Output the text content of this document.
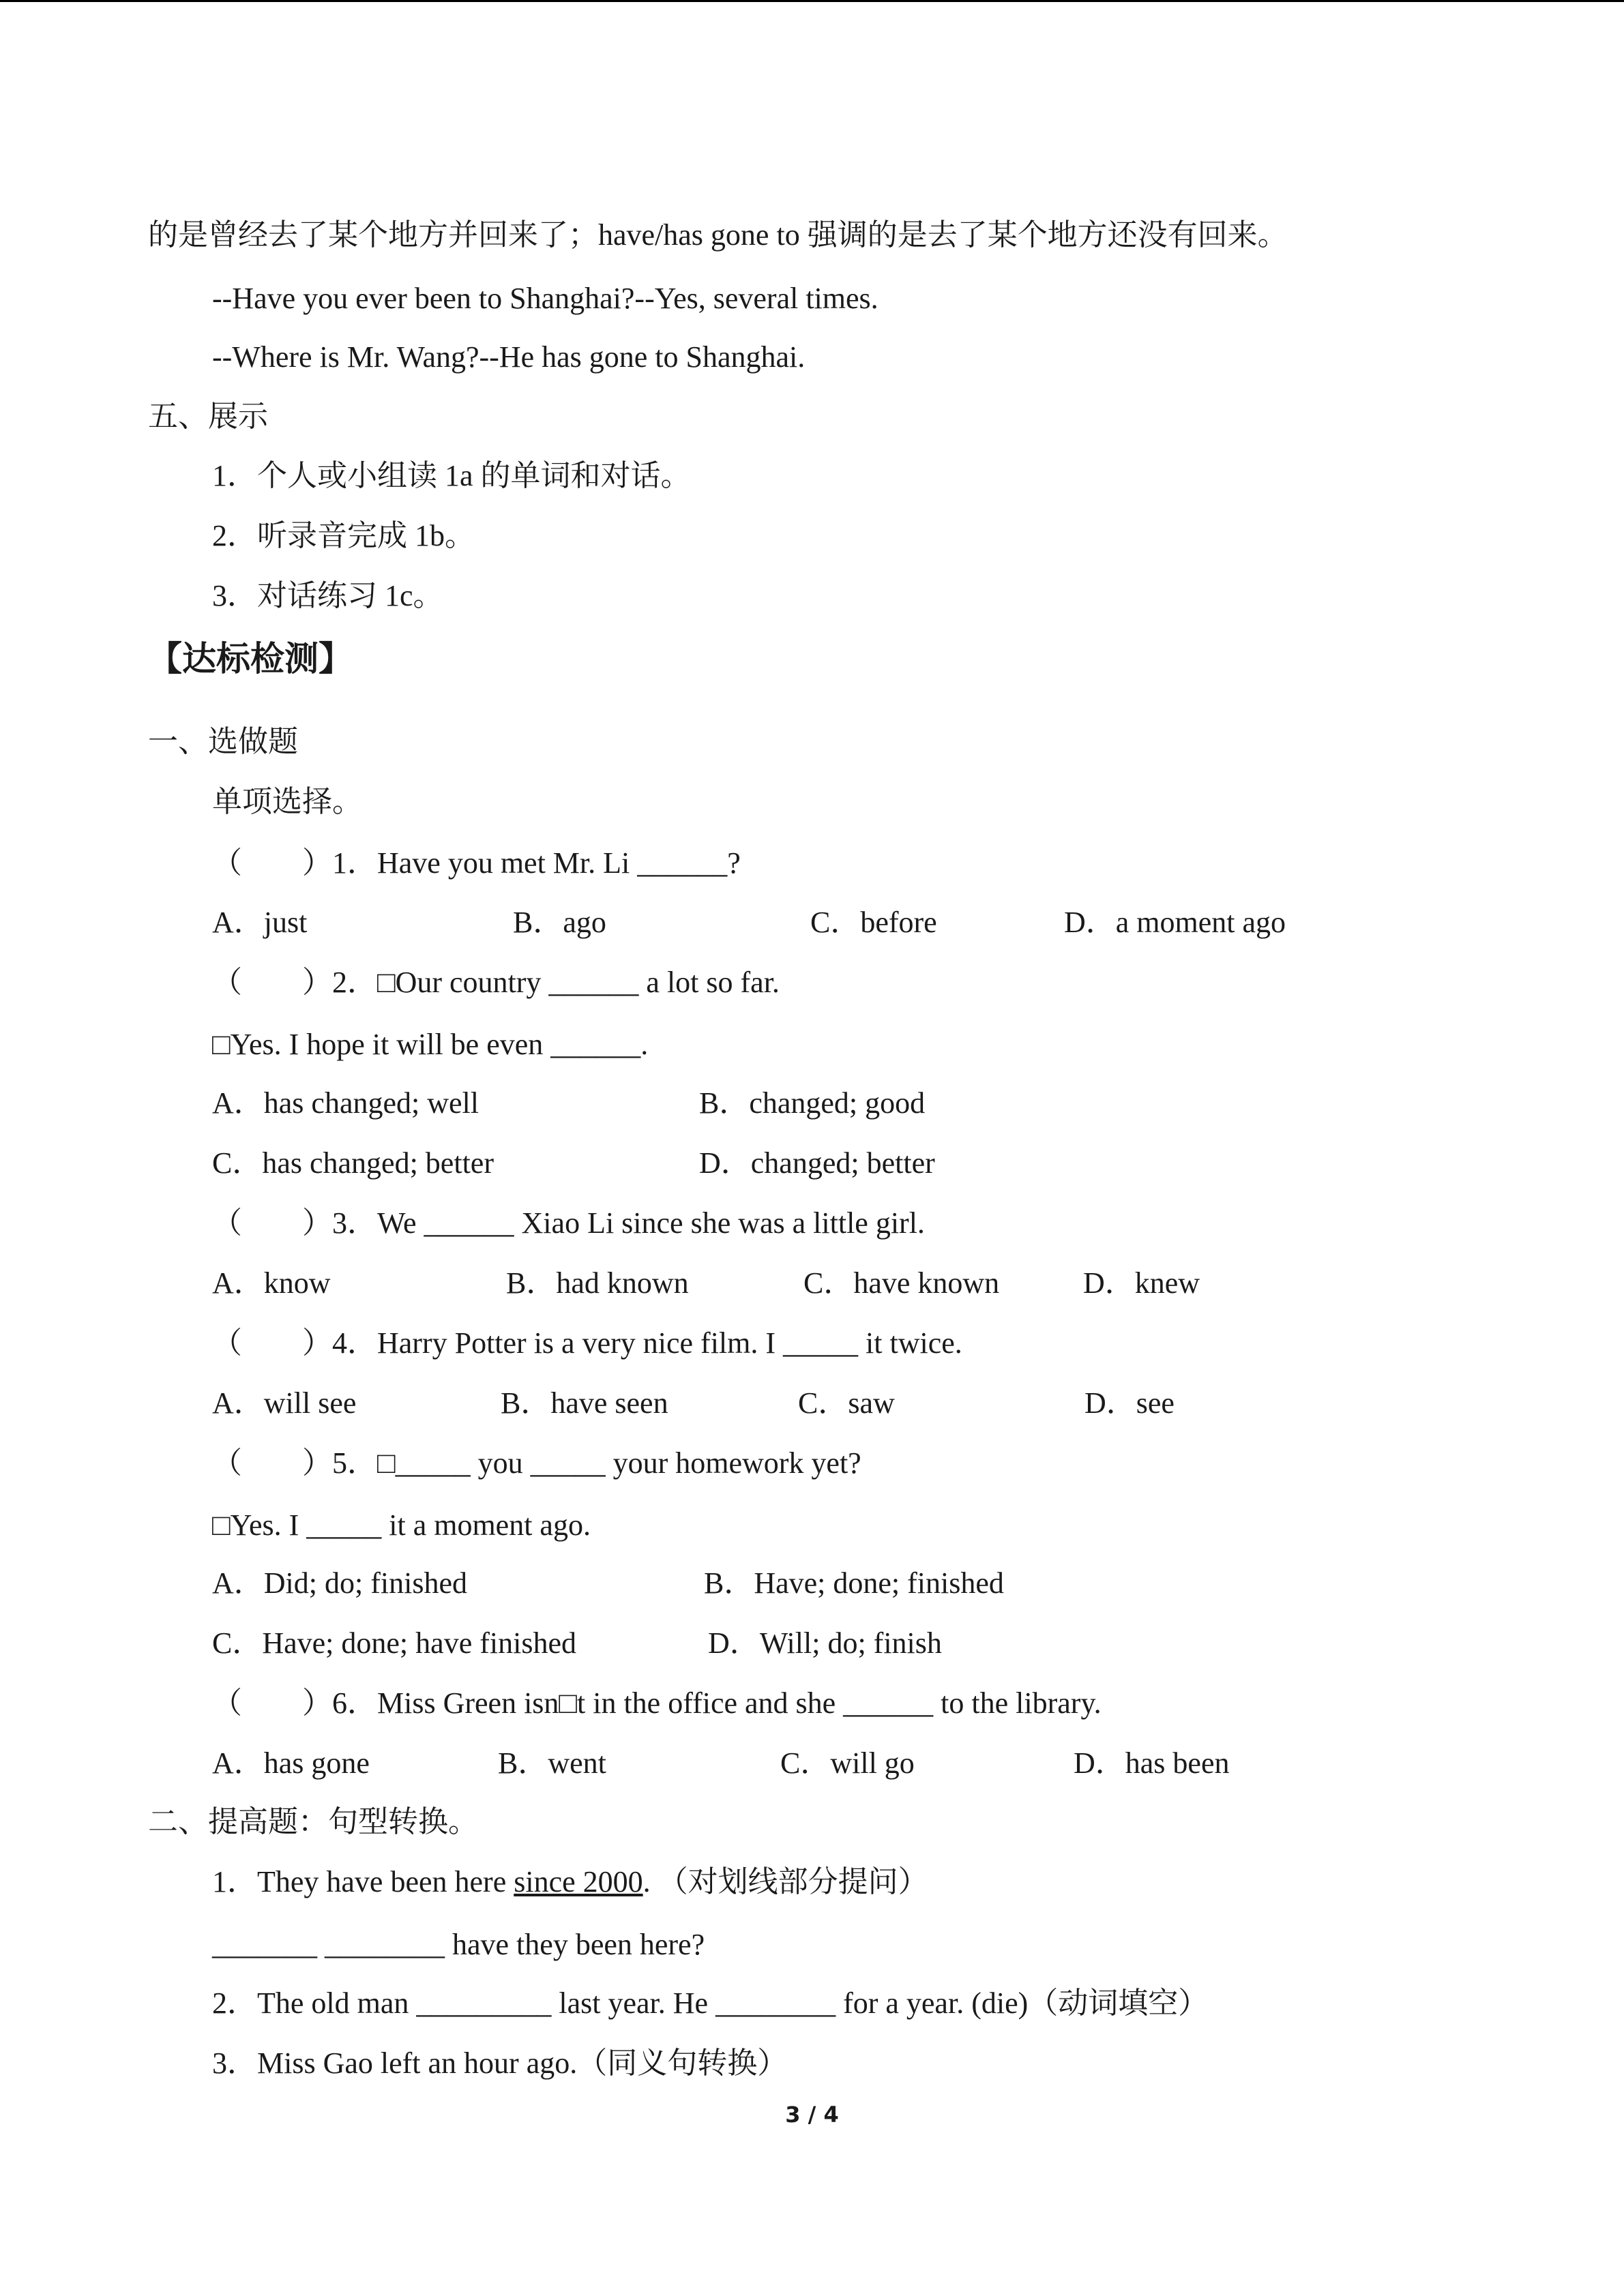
的是曾经去了某个地方并回来了；have/has gone to 强调的是去了某个地方还没有回来。
--Have you ever been to Shanghai?--Yes, several times.
--Where is Mr. Wang?--He has gone to Shanghai.
五、展示
1．个人或小组读 1a 的单词和对话。
2．听录音完成 1b。
3．对话练习 1c。
【达标检测】
一、选做题
单项选择。
（        ）1．Have you met Mr. Li ______?
A．just	B．ago	C．before	D．a moment ago
（        ）2．□Our country ______ a lot so far.
□Yes. I hope it will be even ______.
A．has changed; well	B．changed; good
C．has changed; better	D．changed; better
（        ）3．We ______ Xiao Li since she was a little girl.
A．know	B．had known	C．have known	D．knew
（        ）4．Harry Potter is a very nice film. I _____ it twice.
A．will see	B．have seen	C．saw	D．see
（        ）5．□_____ you _____ your homework yet?
□Yes. I _____ it a moment ago.
A．Did; do; finished	B．Have; done; finished
C．Have; done; have finished	D．Will; do; finish
（        ）6．Miss Green isn□t in the office and she ______ to the library.
A．has gone	B．went	C．will go	D．has been
二、提高题：句型转换。
1．They have been here since 2000. （对划线部分提问）
_______ ________ have they been here?
2．The old man _________ last year. He ________ for a year. (die)（动词填空）
3．Miss Gao left an hour ago.（同义句转换）
3 / 4
